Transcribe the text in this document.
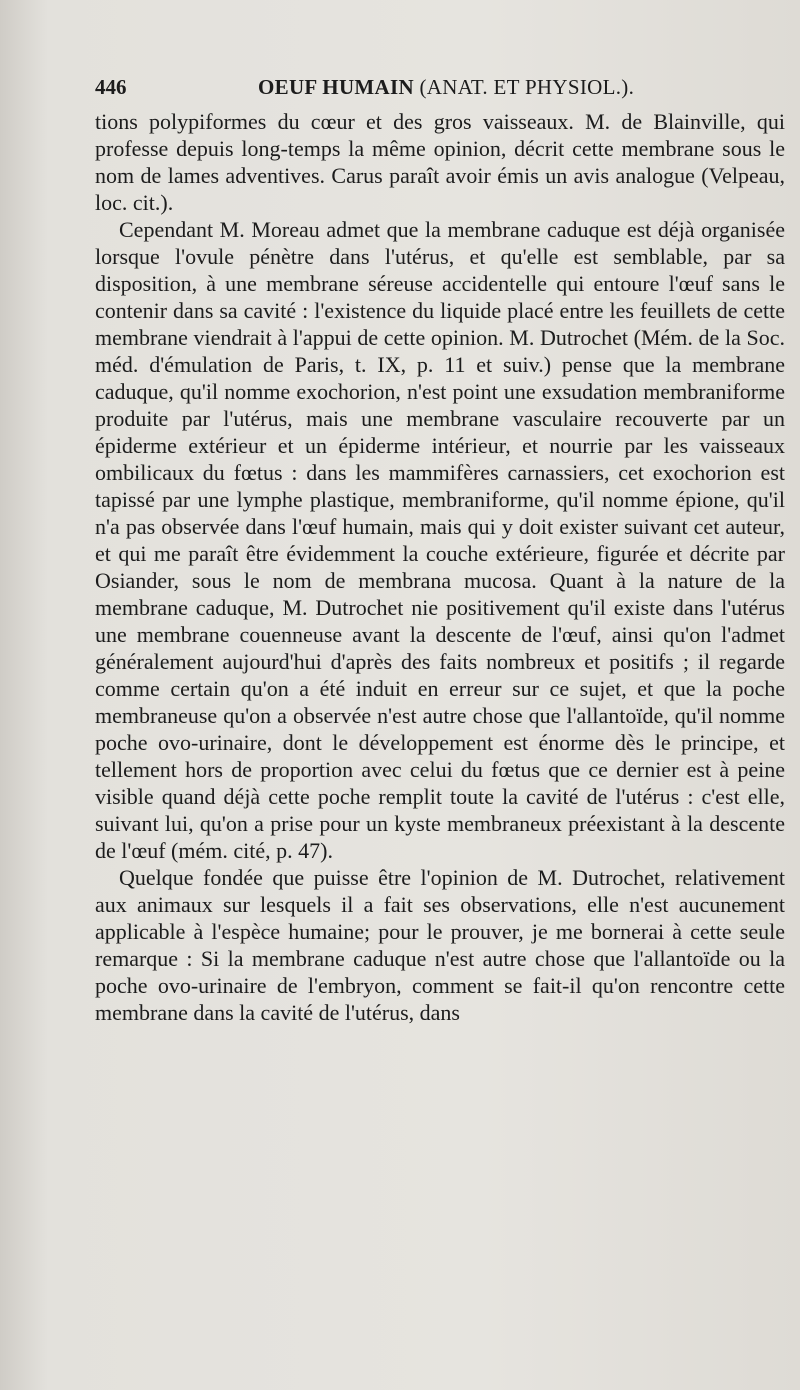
446	OEUF HUMAIN (ANAT. ET PHYSIOL.).

tions polypiformes du cœur et des gros vaisseaux. M. de Blainville, qui professe depuis long-temps la même opinion, décrit cette membrane sous le nom de lames adventives. Carus paraît avoir émis un avis analogue (Velpeau, loc. cit.).

Cependant M. Moreau admet que la membrane caduque est déjà organisée lorsque l'ovule pénètre dans l'utérus, et qu'elle est semblable, par sa disposition, à une membrane séreuse accidentelle qui entoure l'œuf sans le contenir dans sa cavité : l'existence du liquide placé entre les feuillets de cette membrane viendrait à l'appui de cette opinion. M. Dutrochet (Mém. de la Soc. méd. d'émulation de Paris, t. IX, p. 11 et suiv.) pense que la membrane caduque, qu'il nomme exochorion, n'est point une exsudation membraniforme produite par l'utérus, mais une membrane vasculaire recouverte par un épiderme extérieur et un épiderme intérieur, et nourrie par les vaisseaux ombilicaux du fœtus : dans les mammifères carnassiers, cet exochorion est tapissé par une lymphe plastique, membraniforme, qu'il nomme épione, qu'il n'a pas observée dans l'œuf humain, mais qui y doit exister suivant cet auteur, et qui me paraît être évidemment la couche extérieure, figurée et décrite par Osiander, sous le nom de membrana mucosa. Quant à la nature de la membrane caduque, M. Dutrochet nie positivement qu'il existe dans l'utérus une membrane couenneuse avant la descente de l'œuf, ainsi qu'on l'admet généralement aujourd'hui d'après des faits nombreux et positifs ; il regarde comme certain qu'on a été induit en erreur sur ce sujet, et que la poche membraneuse qu'on a observée n'est autre chose que l'allantoïde, qu'il nomme poche ovo-urinaire, dont le développement est énorme dès le principe, et tellement hors de proportion avec celui du fœtus que ce dernier est à peine visible quand déjà cette poche remplit toute la cavité de l'utérus : c'est elle, suivant lui, qu'on a prise pour un kyste membraneux préexistant à la descente de l'œuf (mém. cité, p. 47).

Quelque fondée que puisse être l'opinion de M. Dutrochet, relativement aux animaux sur lesquels il a fait ses observations, elle n'est aucunement applicable à l'espèce humaine; pour le prouver, je me bornerai à cette seule remarque : Si la membrane caduque n'est autre chose que l'allantoïde ou la poche ovo-urinaire de l'embryon, comment se fait-il qu'on rencontre cette membrane dans la cavité de l'utérus, dans
